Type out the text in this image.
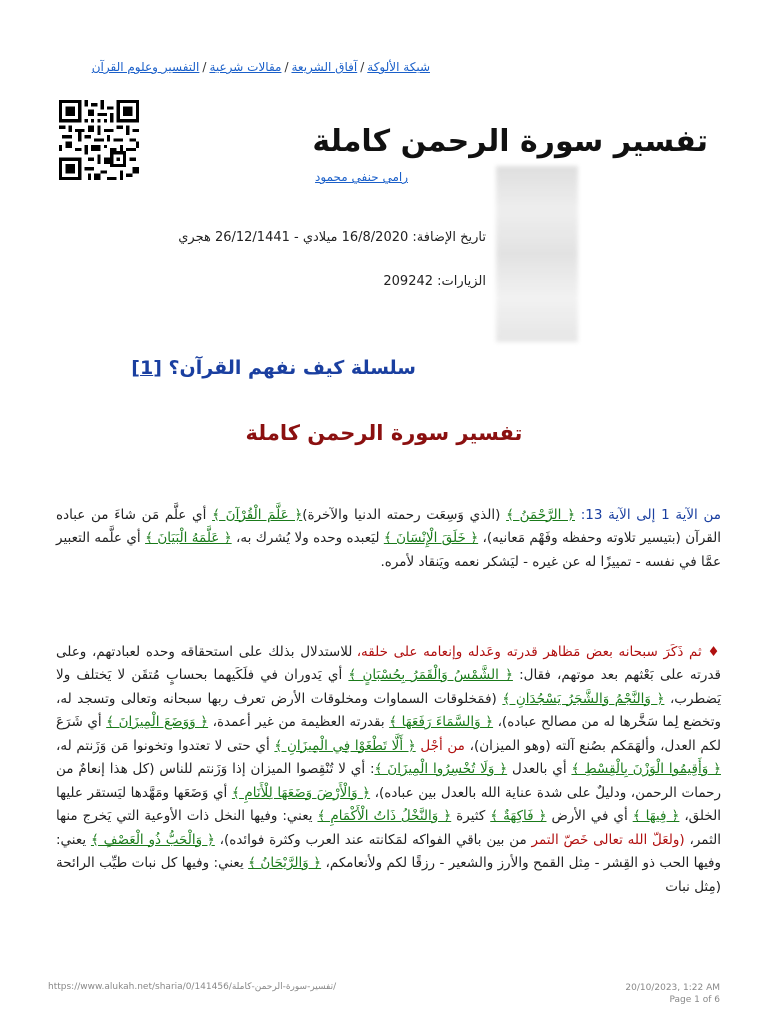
شبكة الألوكة/آفاق الشريعة/مقالات شرعية/التفسير وعلوم القرآن
تفسير سورة الرحمن كاملة
رامي حنفي محمود
تاريخ الإضافة: 16/8/2020 ميلادي - 26/12/1441 هجري
الزيارات: 209242
سلسلة كيف نفهم القرآن؟ [1]
تفسير سورة الرحمن كاملة

من الآية 1 إلى الآية 13: ﴿ الرَّحْمَنُ ﴾ (الذي وَسِعَت رحمته الدنيا والآخرة)﴿ عَلَّمَ الْقُرْآنَ ﴾ أي علَّم مَن شاءَ من عباده القرآن (بتيسير تلاوته وحفظه وفَهْم مَعانيه)، ﴿ خَلَقَ الْإِنْسَانَ ﴾ ليَعبده وحده ولا يُشرك به، ﴿ عَلَّمَهُ الْبَيَانَ ﴾ أي علَّمه التعبير عمَّا في نفسه - تمييزًا له عن غيره - ليَشكر نعمه ويَنقاد لأمره.

♦ ثم ذَكَرَ سبحانه بعض مَظاهر قدرته وعَدله وإنعامه على خلقه، للاستدلال بذلك على استحقاقه وحده لعبادتهم، وعلى قدرته على بَعْثهم بعد موتهم، فقال: ﴿ الشَّمْسُ وَالْقَمَرُ بِحُسْبَانٍ ﴾ أي يَدوران في فلَكَيهما بحسابٍ مُتقَن لا يَختلف ولا يَضطرب، ﴿ وَالنَّجْمُ وَالشَّجَرُ يَسْجُدَانِ ﴾ (فمَخلوقات السماوات ومخلوقات الأرض تعرف ربها سبحانه وتعالى وتسجد له، وتخضع لِما سَخَّرها له من مصالح عباده)، ﴿ وَالسَّمَاءَ رَفَعَهَا ﴾ بقدرته العظيمة من غير أعمدة، ﴿ وَوَضَعَ الْمِيزَانَ ﴾ أي شَرَعَ لكم العدل، وألهَمَكم بصُنع آلته (وهو الميزان)، من أجْل ﴿ أَلَّا تَطْغَوْا فِي الْمِيزَانِ ﴾ أي حتى لا تعتدوا وتخونوا مَن وَزَنتم له، ﴿ وَأَقِيمُوا الْوَزْنَ بِالْقِسْطِ ﴾ أي بالعدل ﴿ وَلَا تُخْسِرُوا الْمِيزَانَ ﴾: أي لا تُنْقِصوا الميزان إذا وَزَنتم للناس (كل هذا إنعامٌ من رحمات الرحمن، ودليلٌ على شدة عناية الله بالعدل بين عباده)، ﴿ وَالْأَرْضَ وَضَعَهَا لِلْأَنَامِ ﴾ أي وَضَعَها ومَهَّدها ليَستقر عليها الخلق، ﴿ فِيهَا ﴾ أي في الأرض ﴿ فَاكِهَةٌ ﴾ كثيرة ﴿ وَالنَّخْلُ ذَاتُ الْأَكْمَامِ ﴾ يعني: وفيها النخل ذات الأوعية التي يَخرج منها الثمر، (ولعَلّ الله تعالى خَصّ التمر من بين باقي الفواكه لمَكانته عند العرب وكثرة فوائده)، ﴿ وَالْحَبُّ ذُو الْعَصْفِ ﴾ يعني: وفيها الحب ذو القِشر - مِثل القمح والأرز والشعير - رزقًا لكم ولأنعامكم، ﴿ وَالرَّيْحَانُ ﴾ يعني: وفيها كل نبات طيِّب الرائحة (مِثل نبات

https://www.alukah.net/sharia/0/141456/تفسير-سورة-الرحمن-كاملة/	20/10/2023, 1:22 AM
Page 1 of 6
